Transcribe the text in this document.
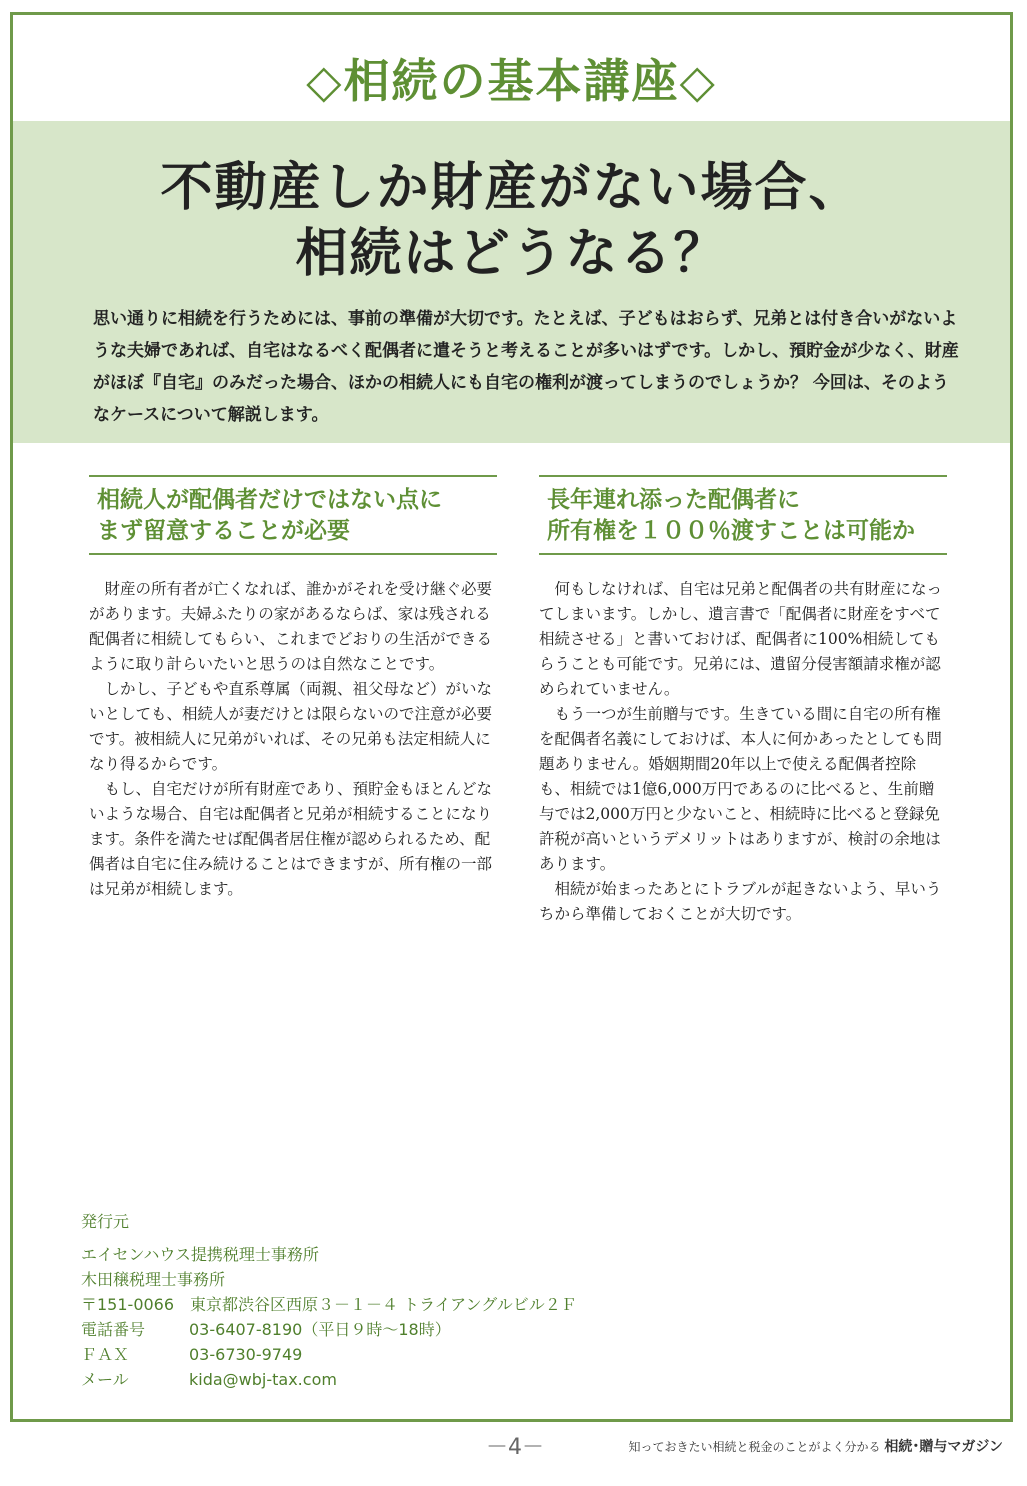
◇相続の基本講座◇
不動産しか財産がない場合、
相続はどうなる？
思い通りに相続を行うためには、事前の準備が大切です。たとえば、子どもはおらず、兄弟とは付き合いがないような夫婦であれば、自宅はなるべく配偶者に遣そうと考えることが多いはずです。しかし、預貯金が少なく、財産がほぼ『自宅』のみだった場合、ほかの相続人にも自宅の権利が渡ってしまうのでしょうか？ 今回は、そのようなケースについて解説します。
相続人が配偶者だけではない点に
まず留意することが必要

財産の所有者が亡くなれば、誰かがそれを受け継ぐ必要があります。夫婦ふたりの家があるならば、家は残される配偶者に相続してもらい、これまでどおりの生活ができるように取り計らいたいと思うのは自然なことです。

しかし、子どもや直系尊属（両親、祖父母など）がいないとしても、相続人が妻だけとは限らないので注意が必要です。被相続人に兄弟がいれば、その兄弟も法定相続人になり得るからです。

もし、自宅だけが所有財産であり、預貯金もほとんどないような場合、自宅は配偶者と兄弟が相続することになります。条件を満たせば配偶者居住権が認められるため、配偶者は自宅に住み続けることはできますが、所有権の一部は兄弟が相続します。

長年連れ添った配偶者に
所有権を１００％渡すことは可能か

何もしなければ、自宅は兄弟と配偶者の共有財産になってしまいます。しかし、遺言書で「配偶者に財産をすべて相続させる」と書いておけば、配偶者に100%相続してもらうことも可能です。兄弟には、遺留分侵害額請求権が認められていません。

もう一つが生前贈与です。生きている間に自宅の所有権を配偶者名義にしておけば、本人に何かあったとしても問題ありません。婚姻期間20年以上で使える配偶者控除も、相続では1億6,000万円であるのに比べると、生前贈与では2,000万円と少ないこと、相続時に比べると登録免許税が高いというデメリットはありますが、検討の余地はあります。

相続が始まったあとにトラブルが起きないよう、早いうちから準備しておくことが大切です。

発行元
エイセンハウス提携税理士事務所
木田穣税理士事務所
〒151-0066　東京都渋谷区西原３－１－４ トライアングルビル２Ｆ
電話番号	03-6407-8190（平日９時～18時）
ＦＡＸ	03-6730-9749
メール	kida@wbj-tax.com
－4－	知っておきたい相続と税金のことがよく分かる 相続･贈与マガジン
